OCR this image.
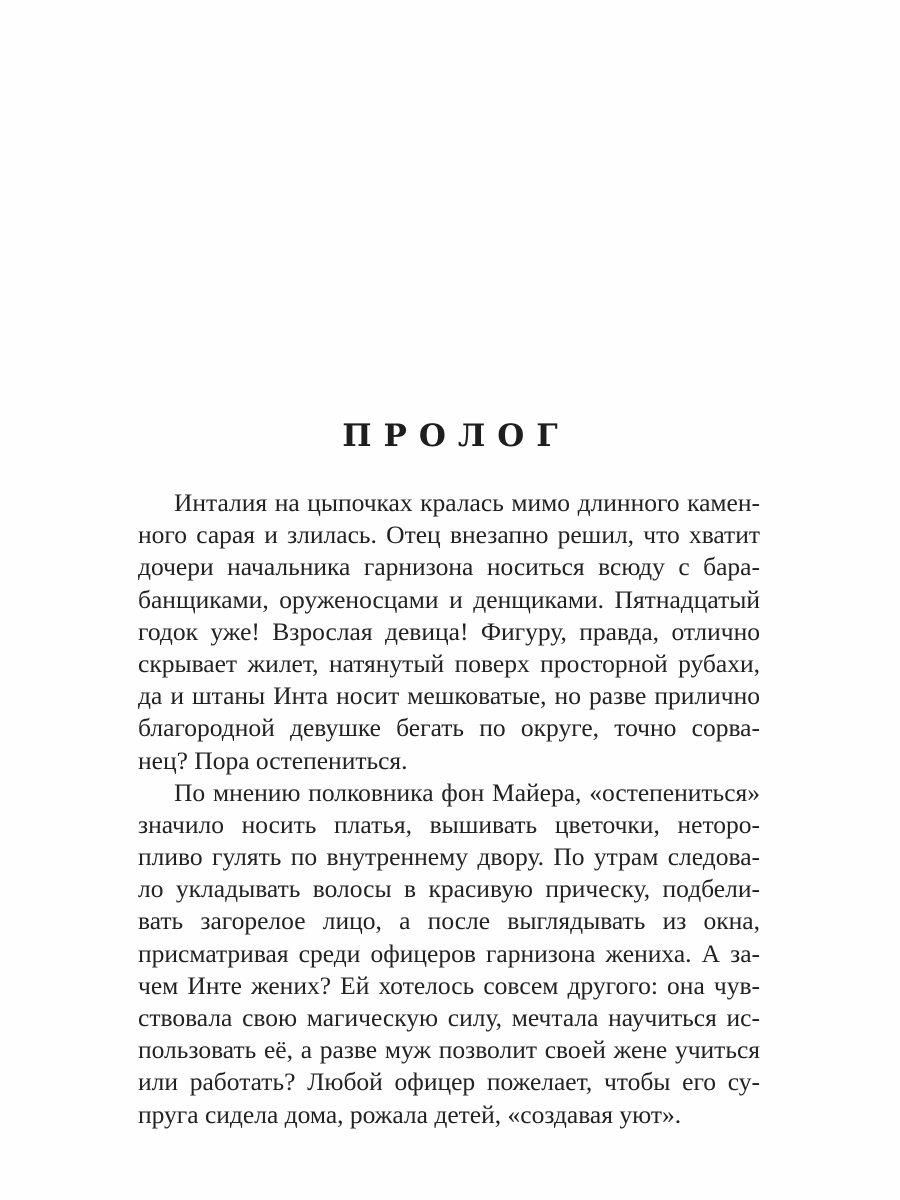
ПРОЛОГ
Инталия на цыпочках кралась мимо длинного камен-
ного сарая и злилась. Отец внезапно решил, что хватит
дочери начальника гарнизона носиться всюду с бара-
банщиками, оруженосцами и денщиками. Пятнадцатый
годок уже! Взрослая девица! Фигуру, правда, отлично
скрывает жилет, натянутый поверх просторной рубахи,
да и штаны Инта носит мешковатые, но разве прилично
благородной девушке бегать по округе, точно сорва-
нец? Пора остепениться.
По мнению полковника фон Майера, «остепениться»
значило носить платья, вышивать цветочки, неторо-
пливо гулять по внутреннему двору. По утрам следова-
ло укладывать волосы в красивую прическу, подбели-
вать загорелое лицо, а после выглядывать из окна,
присматривая среди офицеров гарнизона жениха. А за-
чем Инте жених? Ей хотелось совсем другого: она чув-
ствовала свою магическую силу, мечтала научиться ис-
пользовать её, а разве муж позволит своей жене учиться
или работать? Любой офицер пожелает, чтобы его су-
пруга сидела дома, рожала детей, «создавая уют».
